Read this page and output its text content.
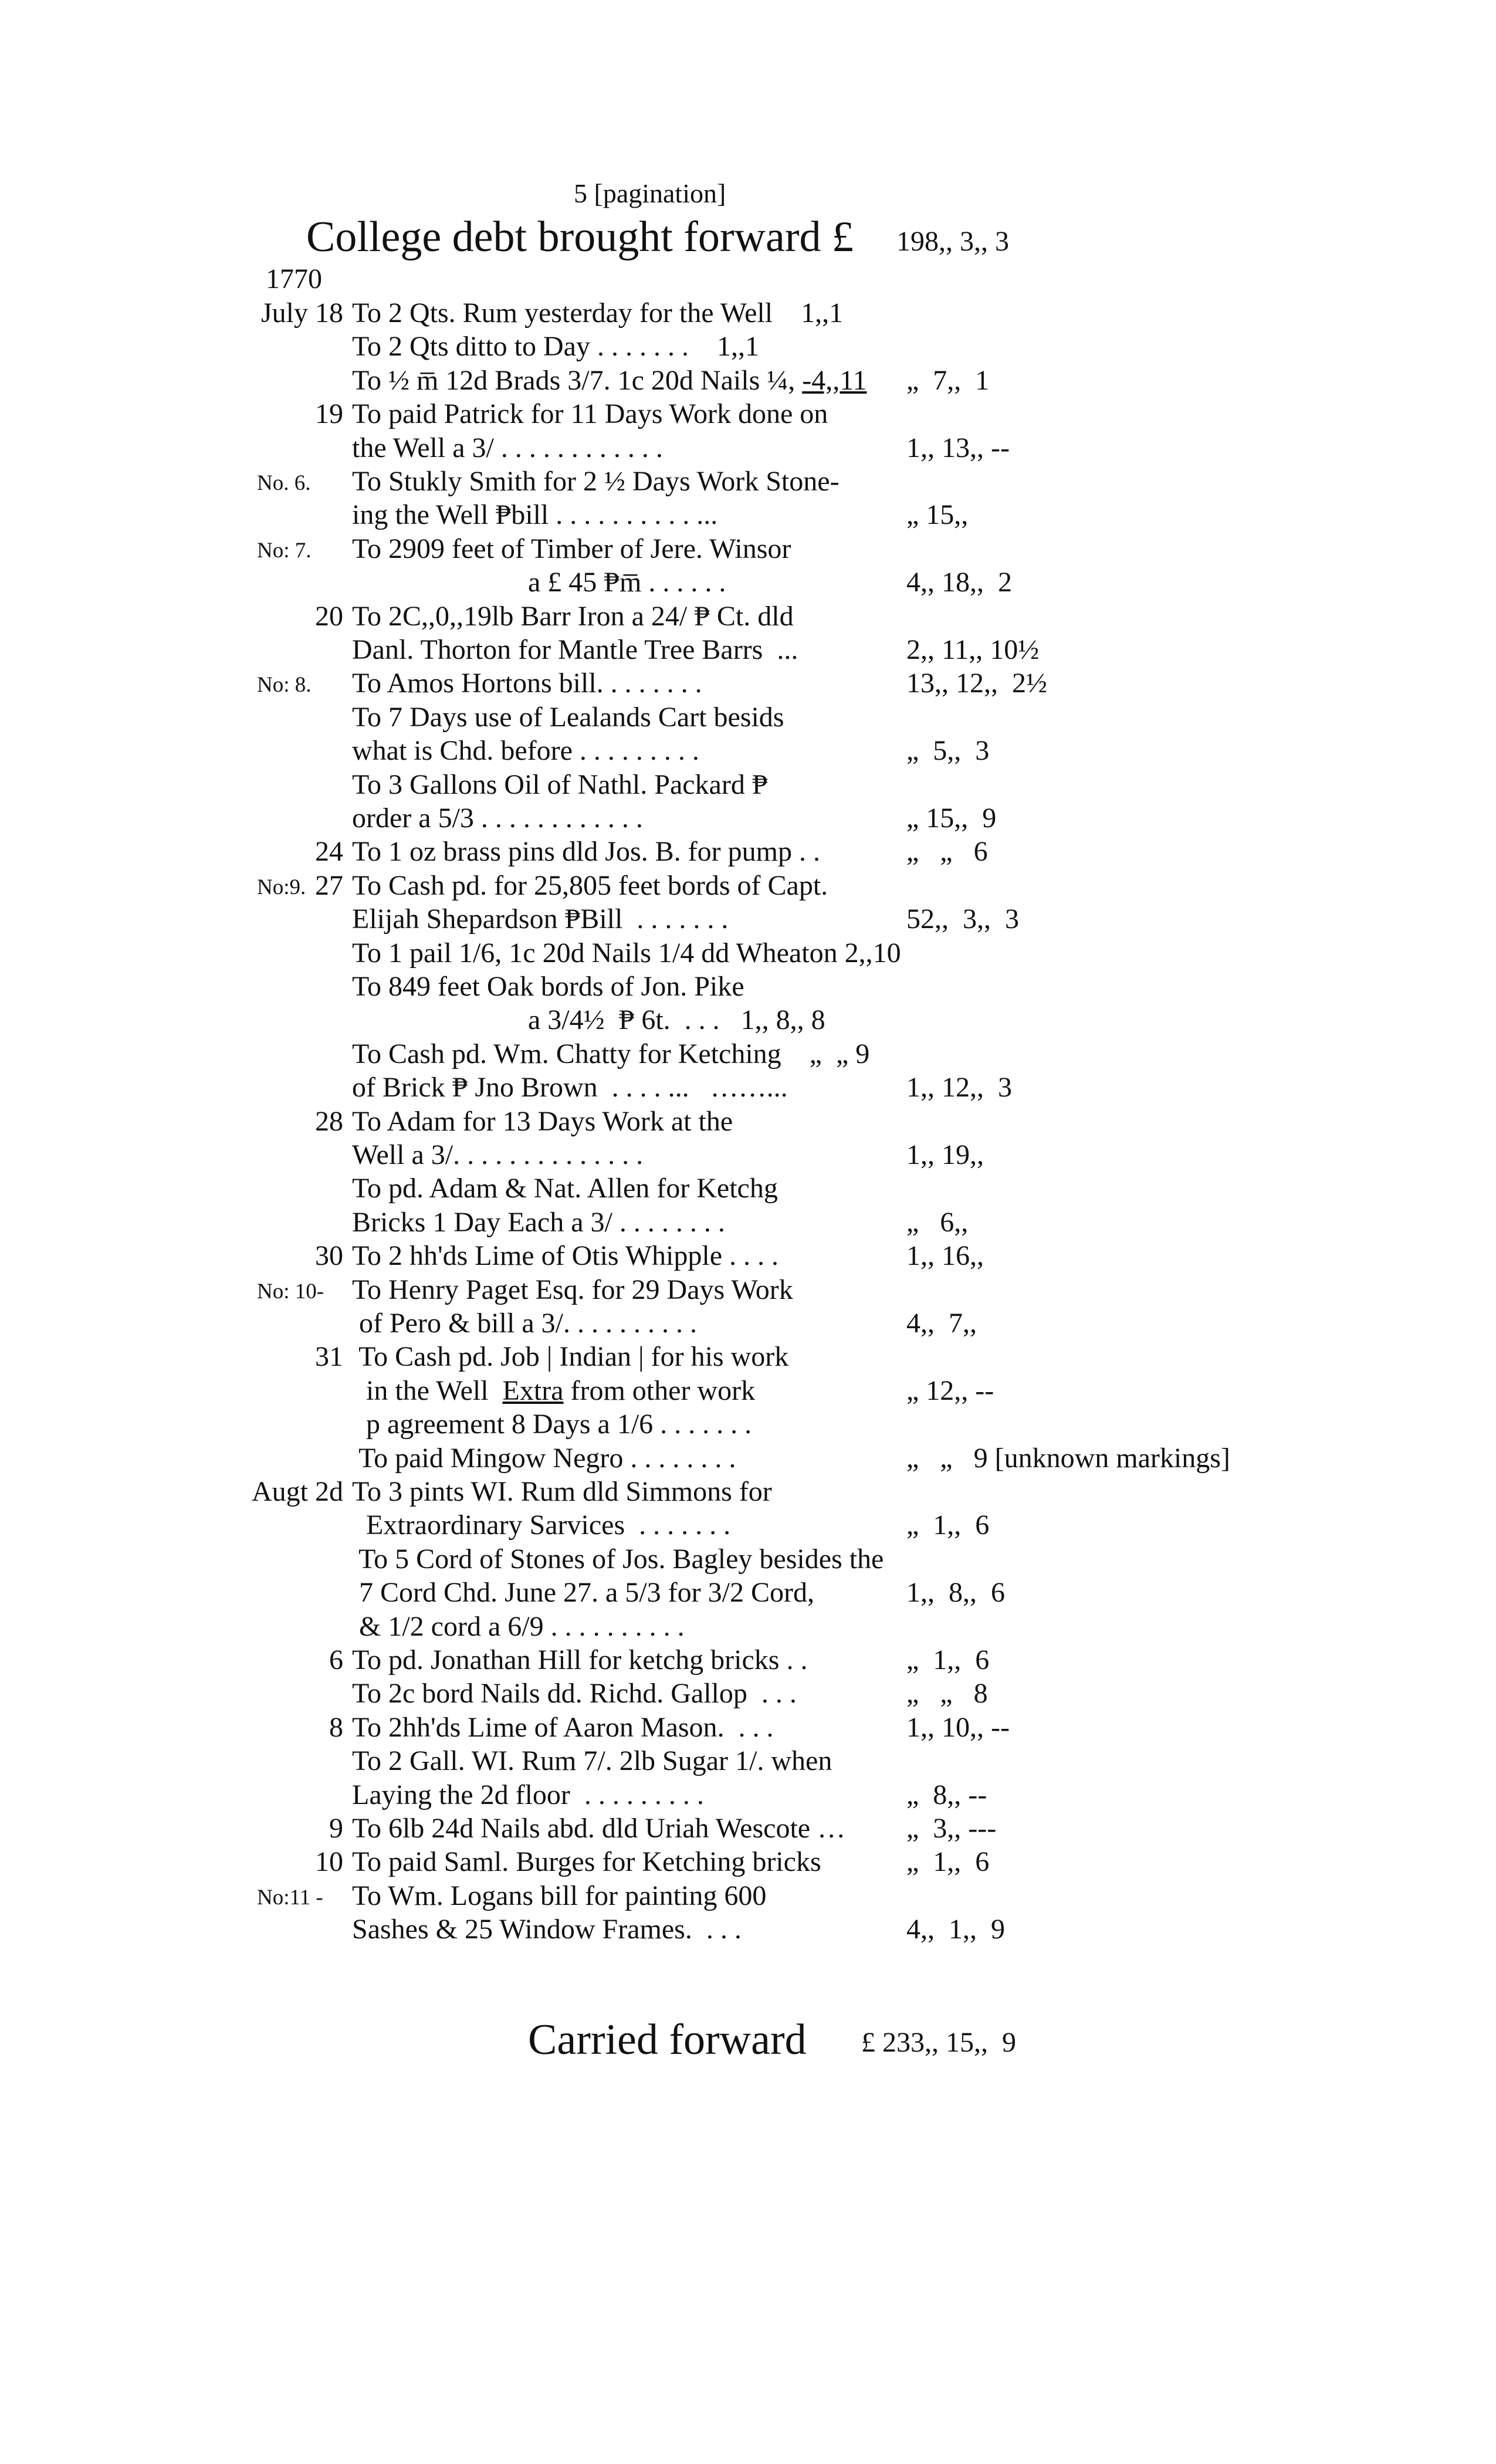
5 [pagination]
College debt brought forward £ 198,, 3,, 3
1770
July 18 To 2 Qts. Rum yesterday for the Well    1,,1
To 2 Qts ditto to Day . . . . . . .    1,,1
To ½ m̅ 12d Brads 3/7. 1c 20d Nails ¼, -4,,11 „  7,,  1
19 To paid Patrick for 11 Days Work done on
the Well a 3/ . . . . . . . . . . . .	1,, 13,, --
No. 6. To Stukly Smith for 2 ½ Days Work Stone-
ing the Well ₱bill . . . . . . . . . . ...	„ 15,,
No: 7. To 2909 feet of Timber of Jere. Winsor
a £ 45 ₱m̅ . . . . . .	4,, 18,,  2
20 To 2C,,0,,19lb Barr Iron a 24/ ₱ Ct. dld
Danl. Thorton for Mantle Tree Barrs  ...	2,, 11,, 10½
No: 8. To Amos Hortons bill. . . . . . . .	13,, 12,,  2½
To 7 Days use of Lealands Cart besids
what is Chd. before . . . . . . . . .	„  5,,  3
To 3 Gallons Oil of Nathl. Packard ₱
order a 5/3 . . . . . . . . . . . .	„ 15,,  9
24 To 1 oz brass pins dld Jos. B. for pump . .	„   „   6
No:9. 27 To Cash pd. for 25,805 feet bords of Capt.
Elijah Shepardson ₱Bill  . . . . . . .	52,,  3,,  3
To 1 pail 1/6, 1c 20d Nails 1/4 dd Wheaton 2,,10
To 849 feet Oak bords of Jon. Pike
a 3/4½  ₱ 6t.  . . .   1,, 8,, 8
To Cash pd. Wm. Chatty for Ketching    „  „ 9
of Brick ₱ Jno Brown  . . . . ...   ……...	1,, 12,,  3
28 To Adam for 13 Days Work at the
Well a 3/. . . . . . . . . . . . . .	1,, 19,,
To pd. Adam & Nat. Allen for Ketchg
Bricks 1 Day Each a 3/ . . . . . . . .	„   6,,
30 To 2 hh'ds Lime of Otis Whipple . . . .	1,, 16,,
No: 10- To Henry Paget Esq. for 29 Days Work
of Pero & bill a 3/. . . . . . . . . .	4,,  7,,
31 To Cash pd. Job | Indian | for his work
in the Well  Extra from other work	„ 12,, --
p agreement 8 Days a 1/6 . . . . . . .
To paid Mingow Negro . . . . . . . .	„   „   9 [unknown markings]
Augt 2d To 3 pints WI. Rum dld Simmons for
Extraordinary Sarvices  . . . . . . .	„  1,,  6
To 5 Cord of Stones of Jos. Bagley besides the
7 Cord Chd. June 27. a 5/3 for 3/2 Cord,	1,,  8,,  6
& 1/2 cord a 6/9 . . . . . . . . . .
6 To pd. Jonathan Hill for ketchg bricks . .	„  1,,  6
To 2c bord Nails dd. Richd. Gallop  . . .	„   „   8
8 To 2hh'ds Lime of Aaron Mason.  . . .	1,, 10,, --
To 2 Gall. WI. Rum 7/. 2lb Sugar 1/. when
Laying the 2d floor  . . . . . . . . .	„  8,, --
9 To 6lb 24d Nails abd. dld Uriah Wescote … „  3,, ---
10 To paid Saml. Burges for Ketching bricks	„  1,,  6
No:11 - To Wm. Logans bill for painting 600
Sashes & 25 Window Frames.  . . .	4,,  1,,  9
Carried forward £ 233,, 15,,  9
